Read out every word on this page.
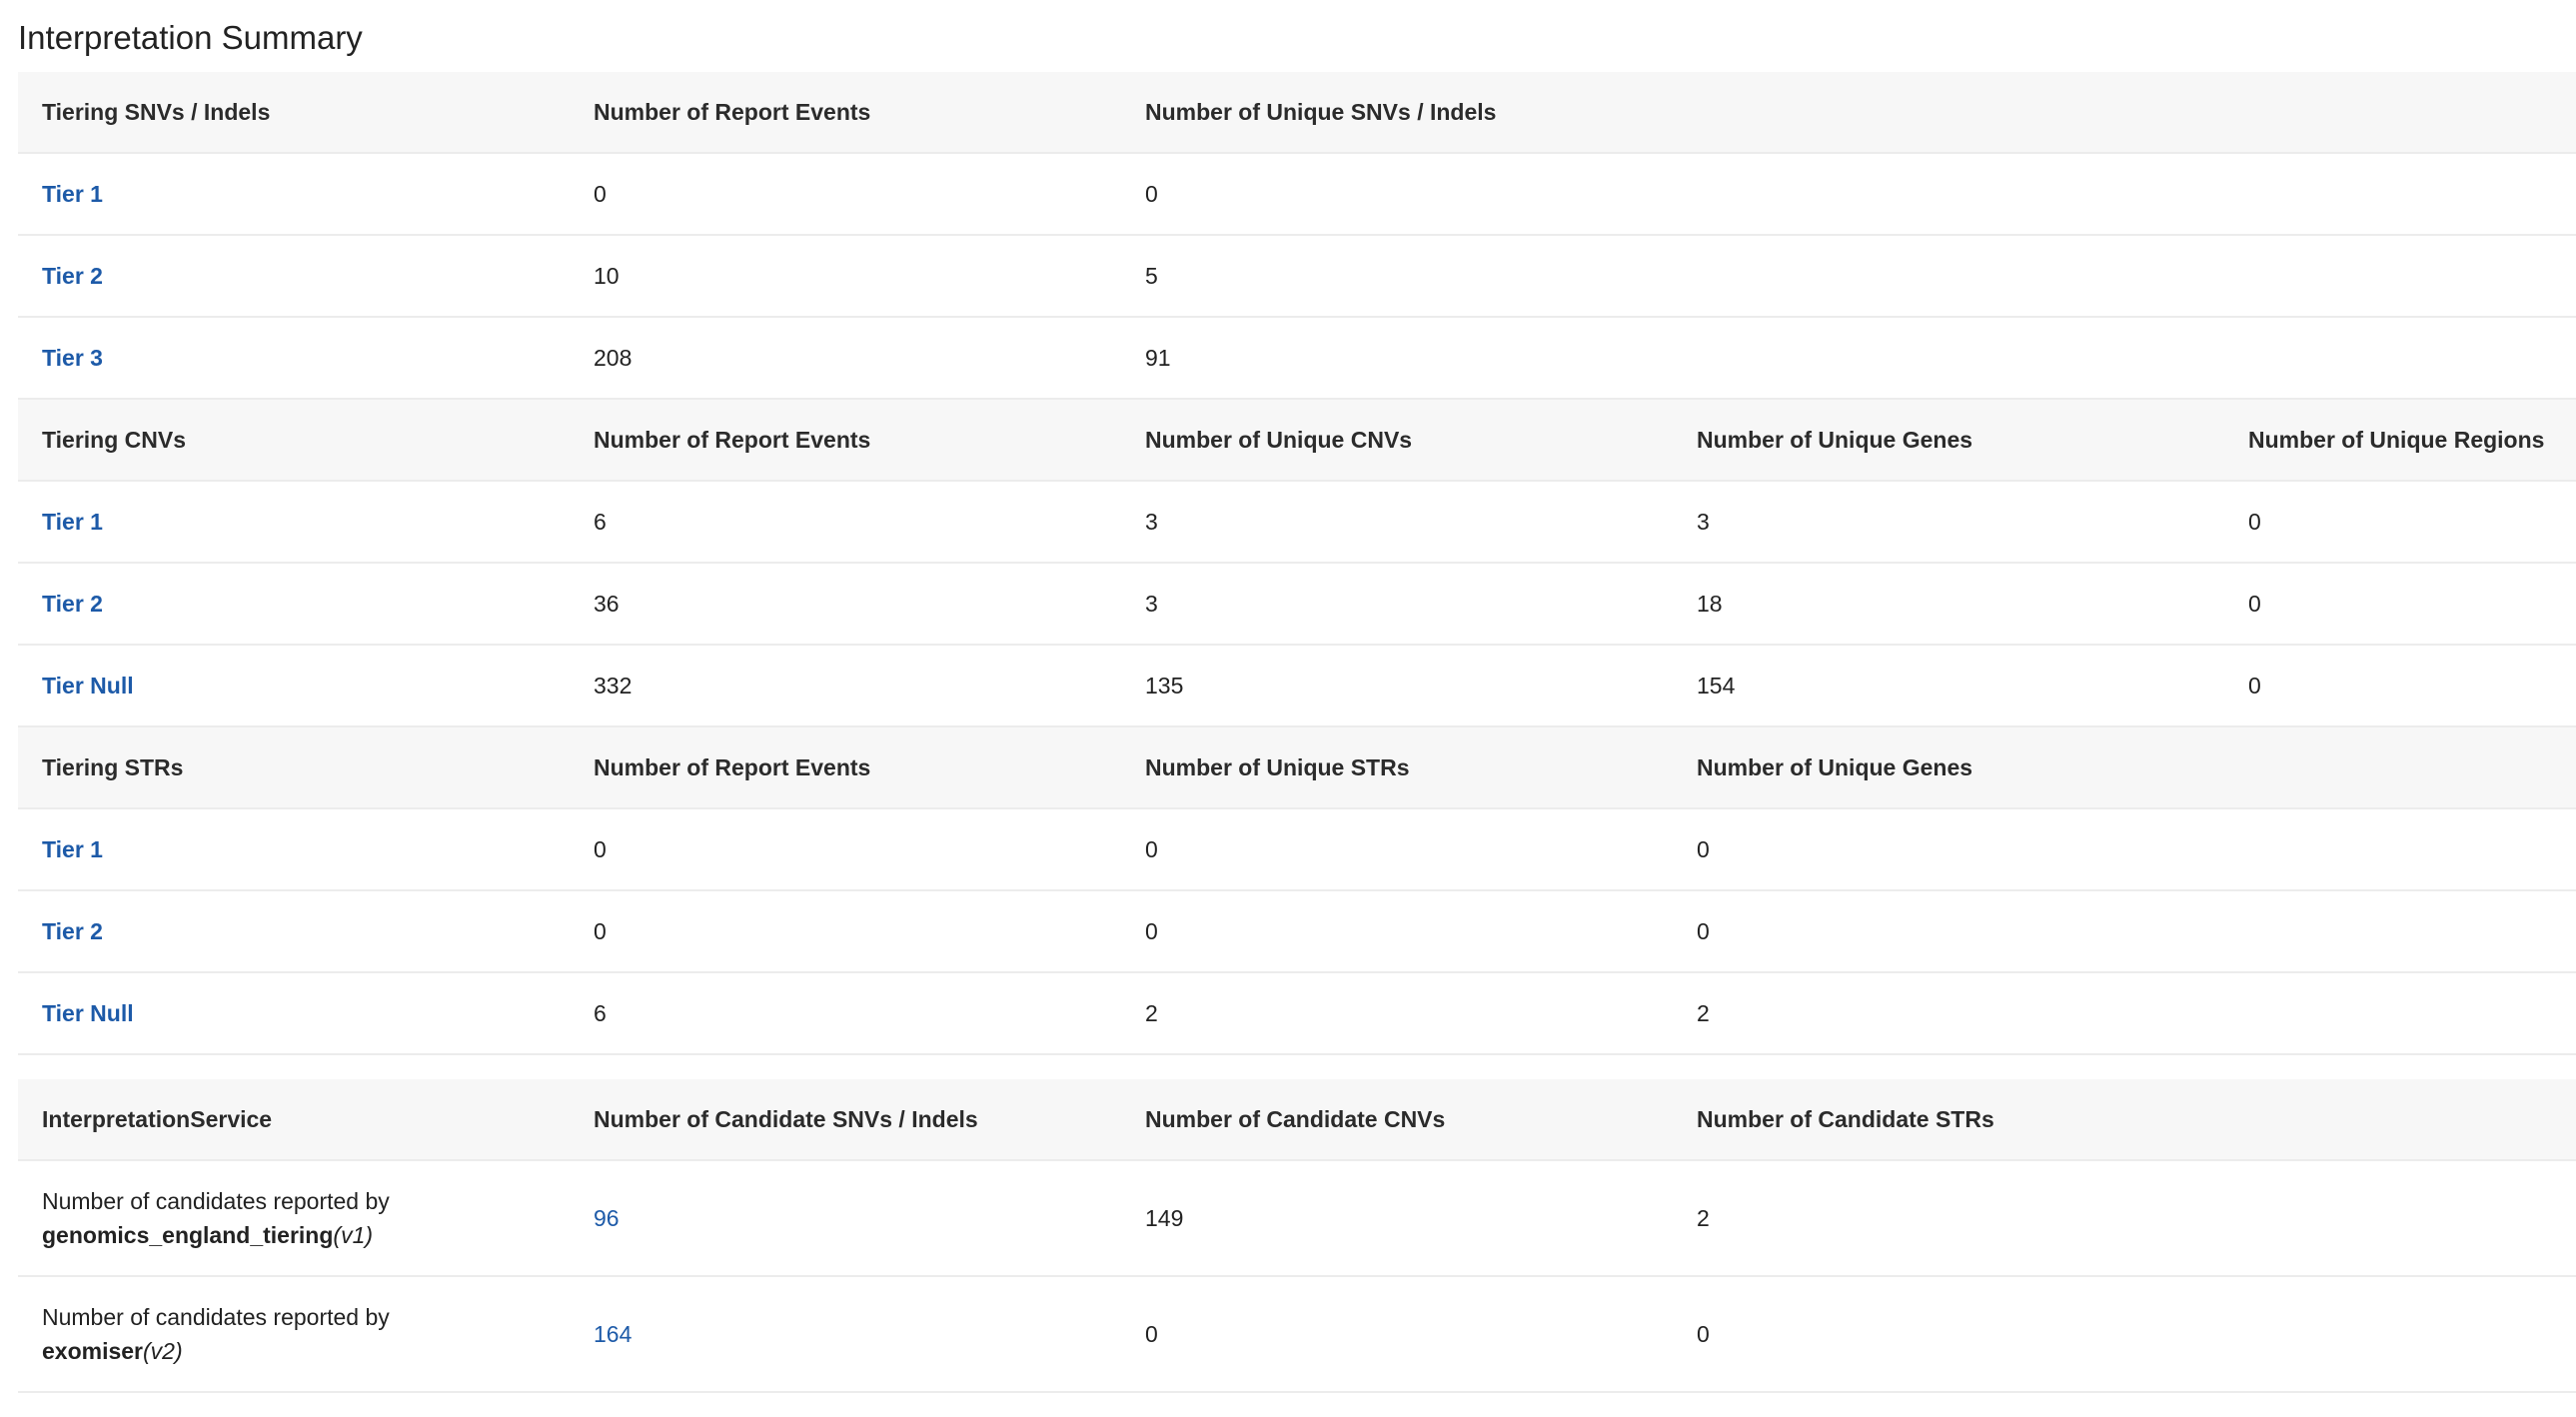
Interpretation Summary
Tiering SNVs / Indels	Number of Report Events	Number of Unique SNVs / Indels
Tier 1	0	0
Tier 2	10	5
Tier 3	208	91
Tiering CNVs	Number of Report Events	Number of Unique CNVs	Number of Unique Genes	Number of Unique Regions
Tier 1	6	3	3	0
Tier 2	36	3	18	0
Tier Null	332	135	154	0
Tiering STRs	Number of Report Events	Number of Unique STRs	Number of Unique Genes
Tier 1	0	0	0
Tier 2	0	0	0
Tier Null	6	2	2
InterpretationService	Number of Candidate SNVs / Indels	Number of Candidate CNVs	Number of Candidate STRs
Number of candidates reported by
genomics_england_tiering(v1)
96	149	2
Number of candidates reported by
exomiser(v2)
164	0	0
